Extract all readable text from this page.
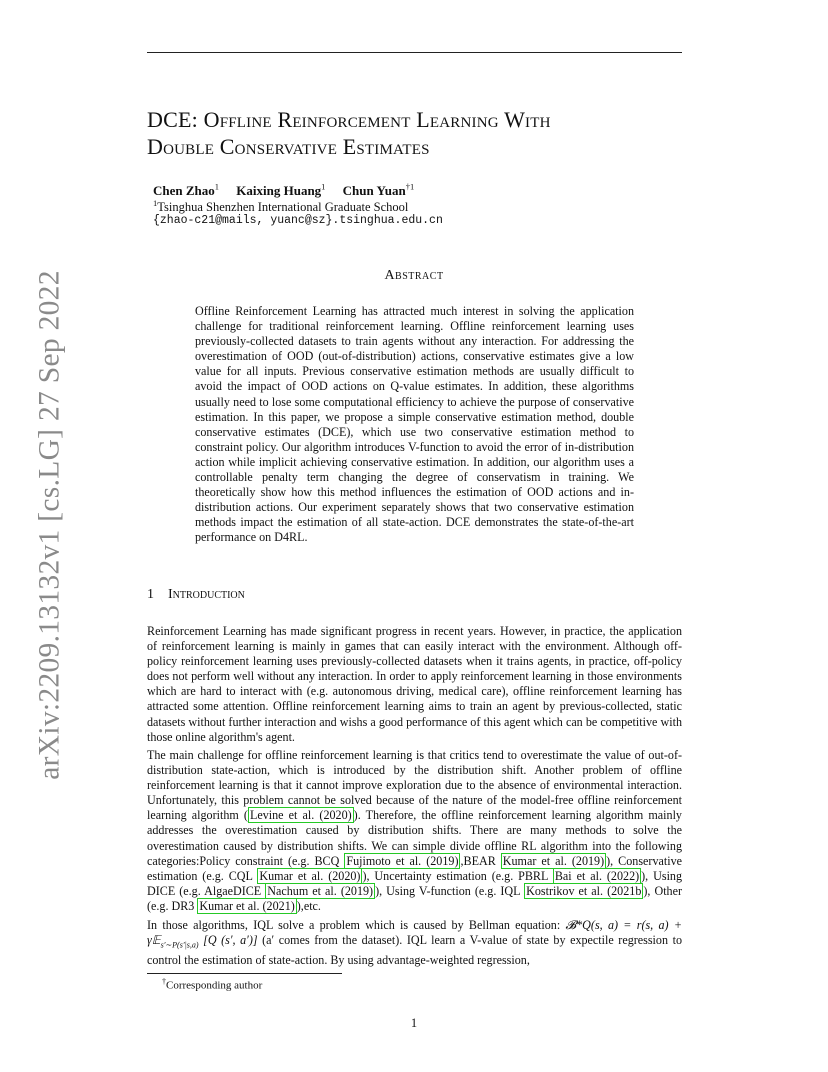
arXiv:2209.13132v1 [cs.LG] 27 Sep 2022
DCE: Offline Reinforcement Learning With
Double Conservative Estimates
Chen Zhao$^1$ Kaixing Huang$^1$ Chun Yuan$^{\dagger 1}$
$^1$Tsinghua Shenzhen International Graduate School
{zhao-c21@mails, yuanc@sz}.tsinghua.edu.cn
Abstract
Offline Reinforcement Learning has attracted much interest in solving the application challenge for traditional reinforcement learning. Offline reinforcement learning uses previously-collected datasets to train agents without any interaction. For addressing the overestimation of OOD (out-of-distribution) actions, conservative estimates give a low value for all inputs. Previous conservative estimation methods are usually difficult to avoid the impact of OOD actions on Q-value estimates. In addition, these algorithms usually need to lose some computational efficiency to achieve the purpose of conservative estimation. In this paper, we propose a simple conservative estimation method, double conservative estimates (DCE), which use two conservative estimation method to constraint policy. Our algorithm introduces V-function to avoid the error of in-distribution action while implicit achieving conservative estimation. In addition, our algorithm uses a controllable penalty term changing the degree of conservatism in training. We theoretically show how this method influences the estimation of OOD actions and in-distribution actions. Our experiment separately shows that two conservative estimation methods impact the estimation of all state-action. DCE demonstrates the state-of-the-art performance on D4RL.
1 Introduction
Reinforcement Learning has made significant progress in recent years. However, in practice, the application of reinforcement learning is mainly in games that can easily interact with the environment. Although off-policy reinforcement learning uses previously-collected datasets when it trains agents, in practice, off-policy does not perform well without any interaction. In order to apply reinforcement learning in those environments which are hard to interact with (e.g. autonomous driving, medical care), offline reinforcement learning has attracted some attention. Offline reinforcement learning aims to train an agent by previous-collected, static datasets without further interaction and wishs a good performance of this agent which can be competitive with those online algorithm's agent.
The main challenge for offline reinforcement learning is that critics tend to overestimate the value of out-of-distribution state-action, which is introduced by the distribution shift. Another problem of offline reinforcement learning is that it cannot improve exploration due to the absence of environmental interaction. Unfortunately, this problem cannot be solved because of the nature of the model-free offline reinforcement learning algorithm ( Levine et al. (2020) ). Therefore, the offline reinforcement learning algorithm mainly addresses the overestimation caused by distribution shifts. There are many methods to solve the overestimation caused by distribution shifts. We can simple divide offline RL algorithm into the following categories:Policy constraint (e.g. BCQ Fujimoto et al. (2019) ,BEAR Kumar et al. (2019) ), Conservative estimation (e.g. CQL Kumar et al. (2020) ), Uncertainty estimation (e.g. PBRL Bai et al. (2022) ), Using DICE (e.g. AlgaeDICE Nachum et al. (2019) ), Using V-function (e.g. IQL Kostrikov et al. (2021b ), Other (e.g. DR3 Kumar et al. (2021) ),etc.
In those algorithms, IQL solve a problem which is caused by Bellman equation: 𝓑*Q(s, a) = r(s, a) + γ𝔼$_{s'\sim P(s'|s,a)}$ [Q (s′, a′)] (a′ comes from the dataset). IQL learn a V-value of state by expectile regression to control the estimation of state-action. By using advantage-weighted regression,
†Corresponding author
1
